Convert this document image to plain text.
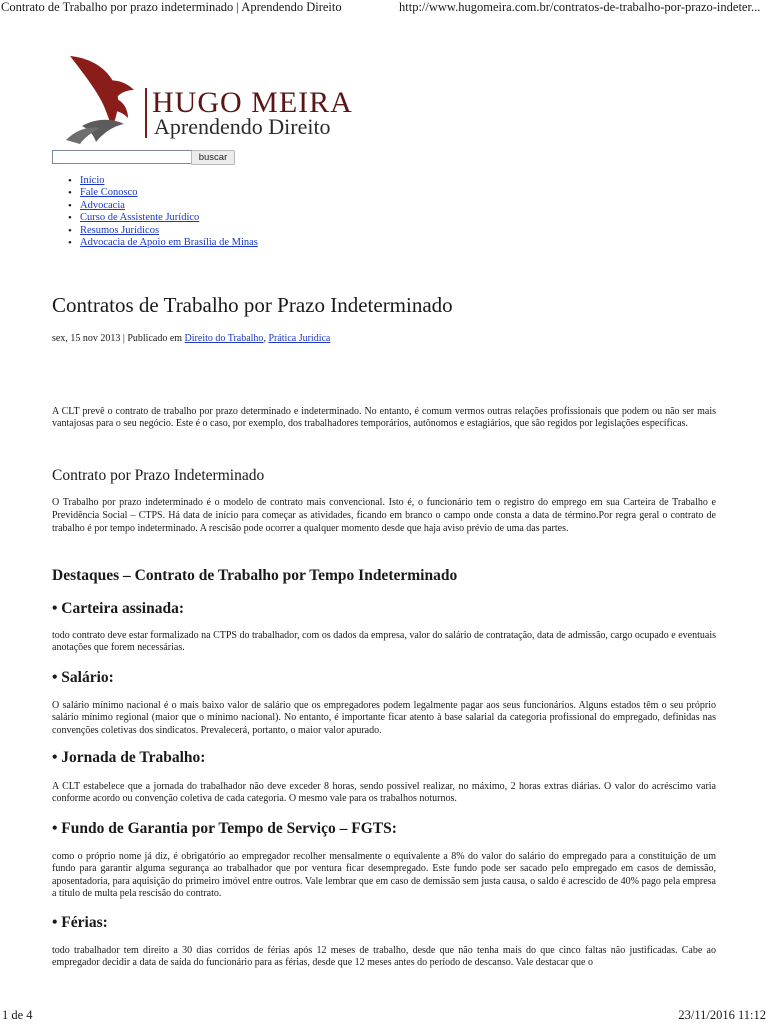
Contrato de Trabalho por prazo indeterminado | Aprendendo Direito	http://www.hugomeira.com.br/contratos-de-trabalho-por-prazo-indeter...
HUGO MEIRA
Aprendendo Direito
buscar
• Início
• Fale Conosco
• Advocacia
• Curso de Assistente Jurídico
• Resumos Jurídicos
• Advocacia de Apoio em Brasília de Minas
Contratos de Trabalho por Prazo Indeterminado
sex, 15 nov 2013 | Publicado em Direito do Trabalho, Prática Jurídica

A CLT prevê o contrato de trabalho por prazo determinado e indeterminado. No entanto, é comum vermos outras relações profissionais que podem ou não ser mais vantajosas para o seu negócio. Este é o caso, por exemplo, dos trabalhadores temporários, autônomos e estagiários, que são regidos por legislações específicas.

Contrato por Prazo Indeterminado

O Trabalho por prazo indeterminado é o modelo de contrato mais convencional. Isto é, o funcionário tem o registro do emprego em sua Carteira de Trabalho e Previdência Social – CTPS. Há data de início para começar as atividades, ficando em branco o campo onde consta a data de término.Por regra geral o contrato de trabalho é por tempo indeterminado. A rescisão pode ocorrer a qualquer momento desde que haja aviso prévio de uma das partes.

Destaques – Contrato de Trabalho por Tempo Indeterminado
• Carteira assinada:

todo contrato deve estar formalizado na CTPS do trabalhador, com os dados da empresa, valor do salário de contratação, data de admissão, cargo ocupado e eventuais anotações que forem necessárias.

• Salário:

O salário mínimo nacional é o mais baixo valor de salário que os empregadores podem legalmente pagar aos seus funcionários. Alguns estados têm o seu próprio salário mínimo regional (maior que o mínimo nacional). No entanto, é importante ficar atento à base salarial da categoria profissional do empregado, definidas nas convenções coletivas dos sindicatos. Prevalecerá, portanto, o maior valor apurado.

• Jornada de Trabalho:

A CLT estabelece que a jornada do trabalhador não deve exceder 8 horas, sendo possível realizar, no máximo, 2 horas extras diárias. O valor do acréscimo varia conforme acordo ou convenção coletiva de cada categoria. O mesmo vale para os trabalhos noturnos.

• Fundo de Garantia por Tempo de Serviço – FGTS:

como o próprio nome já diz, é obrigatório ao empregador recolher mensalmente o equivalente a 8% do valor do salário do empregado para a constituição de um fundo para garantir alguma segurança ao trabalhador que por ventura ficar desempregado. Este fundo pode ser sacado pelo empregado em casos de demissão, aposentadoria, para aquisição do primeiro imóvel entre outros. Vale lembrar que em caso de demissão sem justa causa, o saldo é acrescido de 40% pago pela empresa a título de multa pela rescisão do contrato.

• Férias:

todo trabalhador tem direito a 30 dias corridos de férias após 12 meses de trabalho, desde que não tenha mais do que cinco faltas não justificadas. Cabe ao empregador decidir a data de saída do funcionário para as férias, desde que 12 meses antes do período de descanso. Vale destacar que o

1 de 4	23/11/2016 11:12
